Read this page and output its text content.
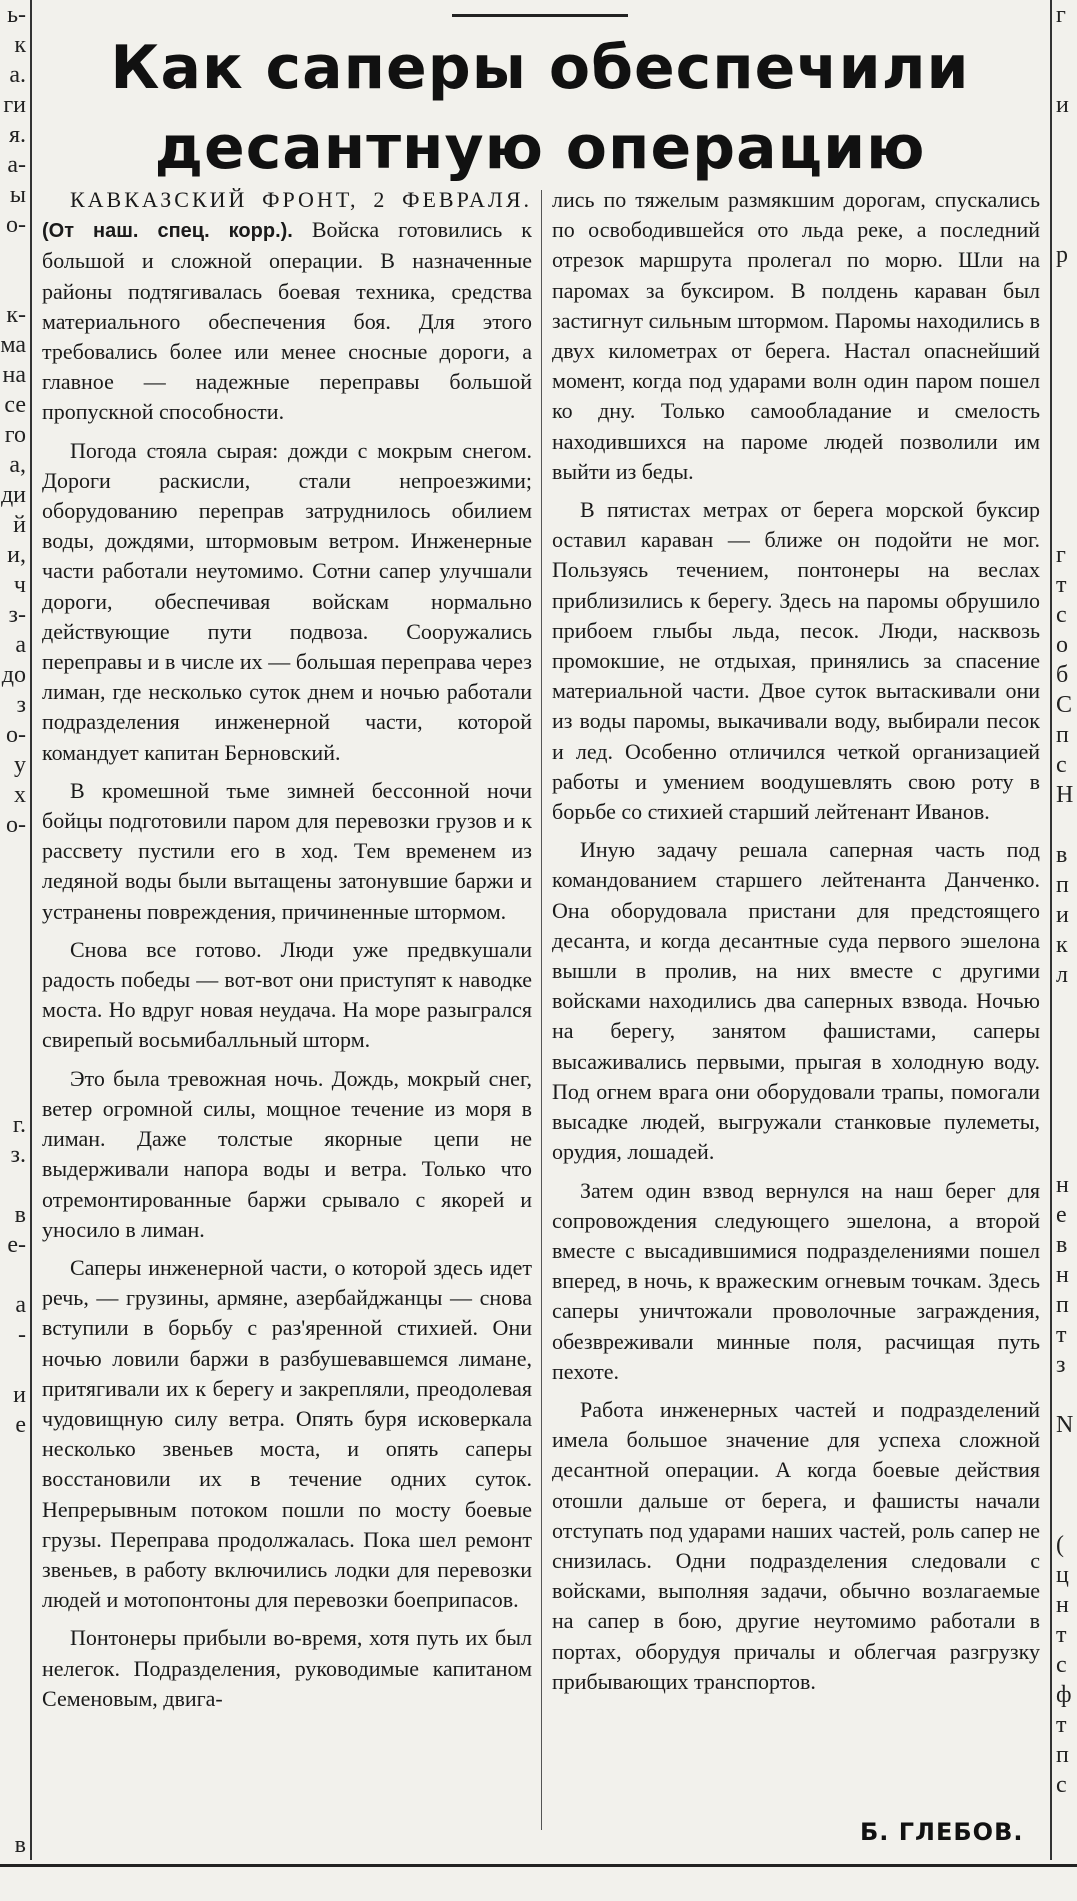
ь-
к
а.
ги
я.
а-
ы
о-

к-
ма
на
се
го
а,
ди
й
и,
ч
з-
а
до
з
о-
у
х
о-

г.
з.

в
е-

а
-

и
е

в
г

и

р

г
т
с
о
б
С
п
с
Н

в
п
и
к
л

н
е
в
н
п
т
з

N

(
ц
н
т
с
ф
т
п
с
Как саперы обеспечили
десантную операцию

КАВКАЗСКИЙ ФРОНТ, 2 ФЕВРАЛЯ. (От наш. спец. корр.). Войска готовились к большой и сложной операции. В назначенные районы подтягивалась боевая техника, средства материального обеспечения боя. Для этого требовались более или менее сносные дороги, а главное — надежные переправы большой пропускной способности.

Погода стояла сырая: дожди с мокрым снегом. Дороги раскисли, стали непроезжими; оборудованию переправ затруднилось обилием воды, дождями, штормовым ветром. Инженерные части работали неутомимо. Сотни сапер улучшали дороги, обеспечивая войскам нормально действующие пути подвоза. Сооружались переправы и в числе их — большая переправа через лиман, где несколько суток днем и ночью работали подразделения инженерной части, которой командует капитан Берновский.

В кромешной тьме зимней бессонной ночи бойцы подготовили паром для перевозки грузов и к рассвету пустили его в ход. Тем временем из ледяной воды были вытащены затонувшие баржи и устранены повреждения, причиненные штормом.

Снова все готово. Люди уже предвкушали радость победы — вот-вот они приступят к наводке моста. Но вдруг новая неудача. На море разыгрался свирепый восьмибалльный шторм.

Это была тревожная ночь. Дождь, мокрый снег, ветер огромной силы, мощное течение из моря в лиман. Даже толстые якорные цепи не выдерживали напора воды и ветра. Только что отремонтированные баржи срывало с якорей и уносило в лиман.

Саперы инженерной части, о которой здесь идет речь, — грузины, армяне, азербайджанцы — снова вступили в борьбу с раз'яренной стихией. Они ночью ловили баржи в разбушевавшемся лимане, притягивали их к берегу и закрепляли, преодолевая чудовищную силу ветра. Опять буря исковеркала несколько звеньев моста, и опять саперы восстановили их в течение одних суток. Непрерывным потоком пошли по мосту боевые грузы. Переправа продолжалась. Пока шел ремонт звеньев, в работу включились лодки для перевозки людей и мотопонтоны для перевозки боеприпасов.

Понтонеры прибыли во-время, хотя путь их был нелегок. Подразделения, руководимые капитаном Семеновым, двига-

лись по тяжелым размякшим дорогам, спускались по освободившейся ото льда реке, а последний отрезок маршрута пролегал по морю. Шли на паромах за буксиром. В полдень караван был застигнут сильным штормом. Паромы находились в двух километрах от берега. Настал опаснейший момент, когда под ударами волн один паром пошел ко дну. Только самообладание и смелость находившихся на пароме людей позволили им выйти из беды.

В пятистах метрах от берега морской буксир оставил караван — ближе он подойти не мог. Пользуясь течением, понтонеры на веслах приблизились к берегу. Здесь на паромы обрушило прибоем глыбы льда, песок. Люди, насквозь промокшие, не отдыхая, принялись за спасение материальной части. Двое суток вытаскивали они из воды паромы, выкачивали воду, выбирали песок и лед. Особенно отличился четкой организацией работы и умением воодушевлять свою роту в борьбе со стихией старший лейтенант Иванов.

Иную задачу решала саперная часть под командованием старшего лейтенанта Данченко. Она оборудовала пристани для предстоящего десанта, и когда десантные суда первого эшелона вышли в пролив, на них вместе с другими войсками находились два саперных взвода. Ночью на берегу, занятом фашистами, саперы высаживались первыми, прыгая в холодную воду. Под огнем врага они оборудовали трапы, помогали высадке людей, выгружали станковые пулеметы, орудия, лошадей.

Затем один взвод вернулся на наш берег для сопровождения следующего эшелона, а второй вместе с высадившимися подразделениями пошел вперед, в ночь, к вражеским огневым точкам. Здесь саперы уничтожали проволочные заграждения, обезвреживали минные поля, расчищая путь пехоте.

Работа инженерных частей и подразделений имела большое значение для успеха сложной десантной операции. А когда боевые действия отошли дальше от берега, и фашисты начали отступать под ударами наших частей, роль сапер не снизилась. Одни подразделения следовали с войсками, выполняя задачи, обычно возлагаемые на сапер в бою, другие неутомимо работали в портах, оборудуя причалы и облегчая разгрузку прибывающих транспортов.

Б. ГЛЕБОВ.
